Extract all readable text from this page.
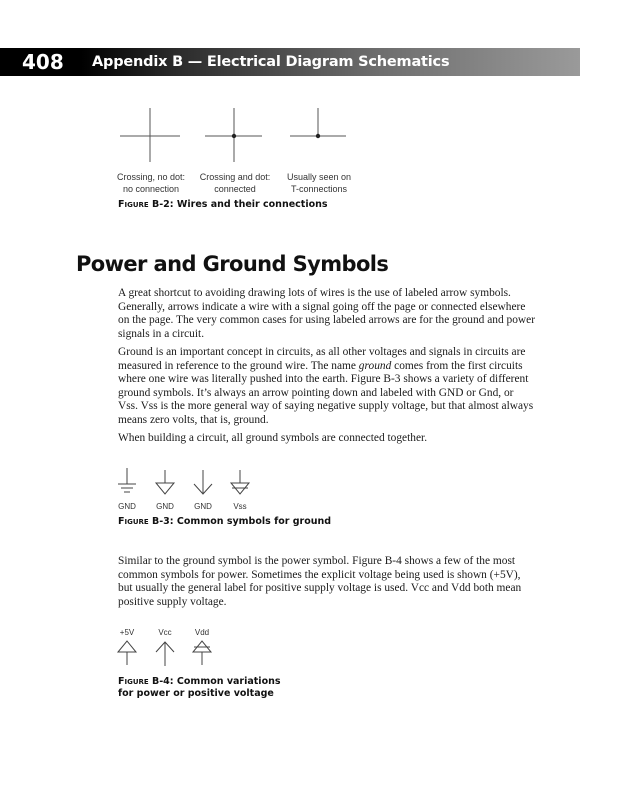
408 Appendix B — Electrical Diagram Schematics
Crossing, no dot:
no connection
Crossing and dot:
connected
Usually seen on
T-connections
Figure B-2: Wires and their connections
Power and Ground Symbols

A great shortcut to avoiding drawing lots of wires is the use of labeled arrow symbols. Generally, arrows indicate a wire with a signal going off the page or connected elsewhere on the page. The very common cases for using labeled arrows are for the ground and power signals in a circuit.

Ground is an important concept in circuits, as all other voltages and signals in circuits are measured in reference to the ground wire. The name ground comes from the first circuits where one wire was literally pushed into the earth. Figure B-3 shows a variety of different ground symbols. It’s always an arrow pointing down and labeled with GND or Gnd, or Vss. Vss is the more general way of saying negative supply voltage, but that almost always means zero volts, that is, ground.

When building a circuit, all ground symbols are connected together.

GND	GND	GND	Vss
Figure B-3: Common symbols for ground

Similar to the ground symbol is the power symbol. Figure B-4 shows a few of the most common symbols for power. Sometimes the explicit voltage being used is shown (+5V), but usually the general label for positive supply voltage is used. Vcc and Vdd both mean positive supply voltage.

+5V	Vcc	Vdd
Figure B-4: Common variations
for power or positive voltage
